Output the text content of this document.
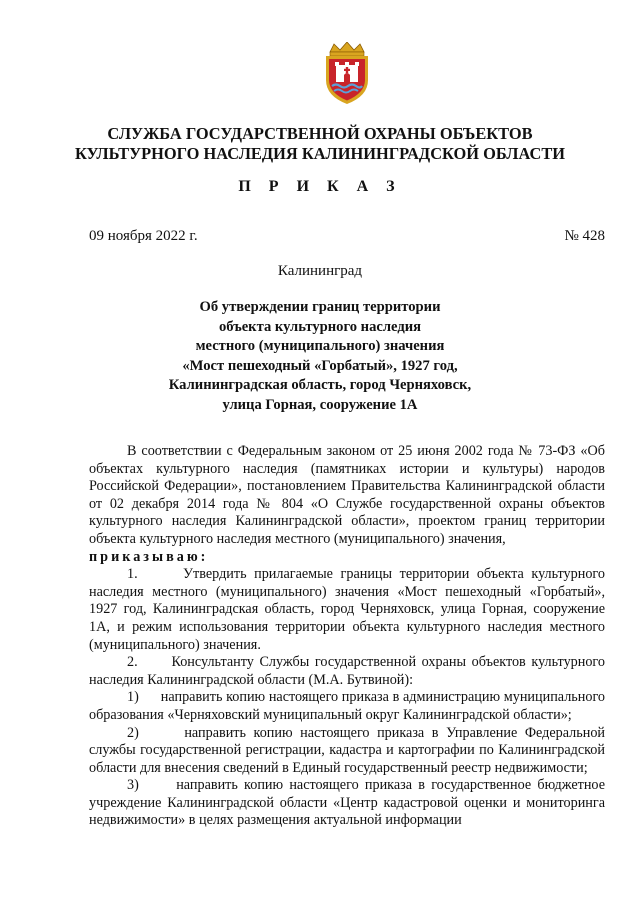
СЛУЖБА ГОСУДАРСТВЕННОЙ ОХРАНЫ ОБЪЕКТОВ
КУЛЬТУРНОГО НАСЛЕДИЯ КАЛИНИНГРАДСКОЙ ОБЛАСТИ
П Р И К А З
09 ноября 2022 г.	№ 428
Калининград
Об утверждении границ территории
объекта культурного наследия
местного (муниципального) значения
«Мост пешеходный «Горбатый», 1927 год,
Калининградская область, город Черняховск,
улица Горная, сооружение 1А

В соответствии с Федеральным законом от 25 июня 2002 года № 73-ФЗ «Об объектах культурного наследия (памятниках истории и культуры) народов Российской Федерации», постановлением Правительства Калининградской области от 02 декабря 2014 года № 804 «О Службе государственной охраны объектов культурного наследия Калининградской области», проектом границ территории объекта культурного наследия местного (муниципального) значения,

приказываю:

1.	Утвердить прилагаемые границы территории объекта культурного наследия местного (муниципального) значения «Мост пешеходный «Горбатый», 1927 год, Калининградская область, город Черняховск, улица Горная, сооружение 1А, и режим использования территории объекта культурного наследия местного (муниципального) значения.

2. Консультанту Службы государственной охраны объектов культурного наследия Калининградской области (М.А. Бутвиной):

1) направить копию настоящего приказа в администрацию муниципального образования «Черняховский муниципальный округ Калининградской области»;

2)	направить копию настоящего приказа в Управление Федеральной службы государственной регистрации, кадастра и картографии по Калининградской области для внесения сведений в Единый государственный реестр недвижимости;

3)	направить копию настоящего приказа в государственное бюджетное учреждение Калининградской области «Центр кадастровой оценки и мониторинга недвижимости» в целях размещения актуальной информации
